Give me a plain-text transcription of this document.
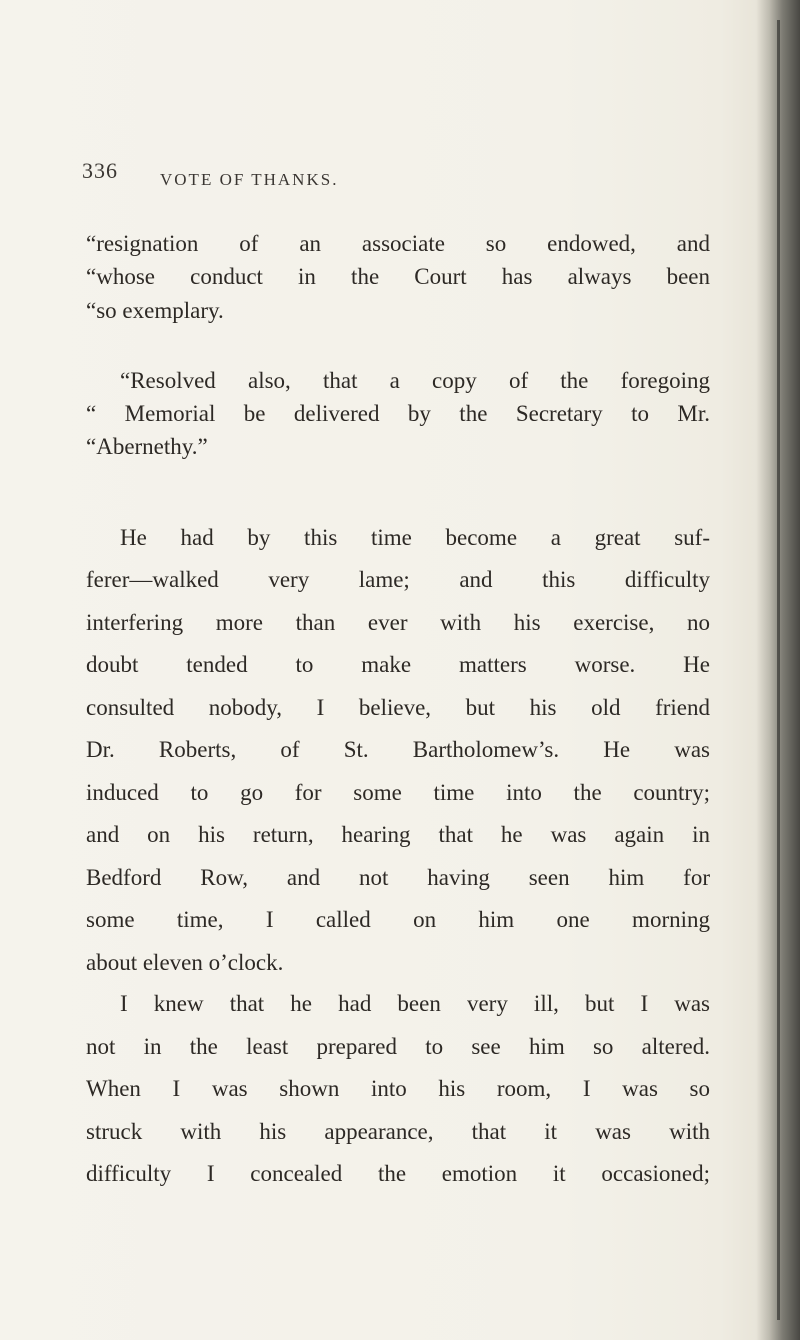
336 VOTE OF THANKS.
“resignation of an associate so endowed, and
“whose conduct in the Court has always been
“so exemplary.
“Resolved also, that a copy of the foregoing
“ Memorial be delivered by the Secretary to Mr.
“Abernethy.”
He had by this time become a great suf-
ferer—walked very lame; and this difficulty
interfering more than ever with his exercise, no
doubt tended to make matters worse. He
consulted nobody, I believe, but his old friend
Dr. Roberts, of St. Bartholomew’s. He was
induced to go for some time into the country;
and on his return, hearing that he was again in
Bedford Row, and not having seen him for
some time, I called on him one morning
about eleven o’clock.
I knew that he had been very ill, but I was
not in the least prepared to see him so altered.
When I was shown into his room, I was so
struck with his appearance, that it was with
difficulty I concealed the emotion it occasioned;
